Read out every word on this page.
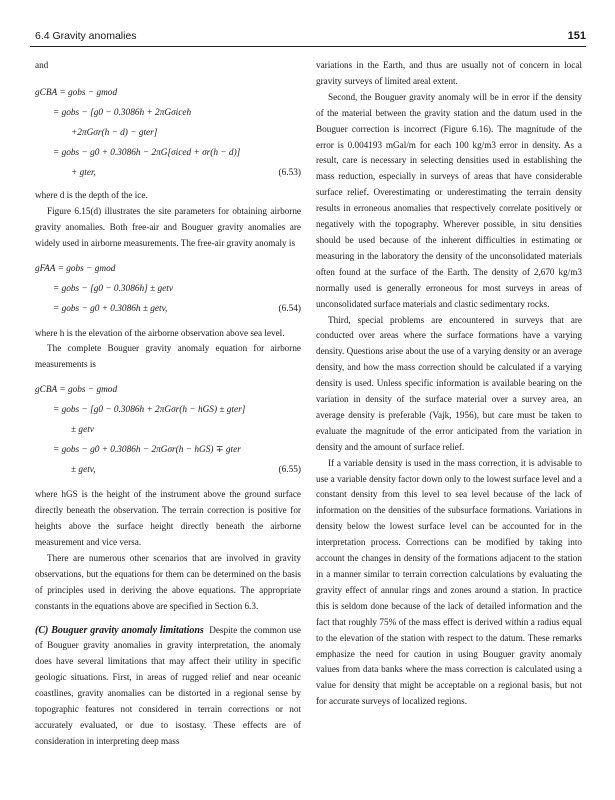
6.4 Gravity anomalies	151

and

gCBA = gobs − gmod
= gobs − [g0 − 0.3086h + 2πGσiceh
+2πGσr(h − d) − gter]
= gobs − g0 + 0.3086h − 2πG[σiced + σr(h − d)]
+ gter,	(6.53)

where d is the depth of the ice.

Figure 6.15(d) illustrates the site parameters for obtaining airborne gravity anomalies. Both free-air and Bouguer gravity anomalies are widely used in airborne measurements. The free-air gravity anomaly is

gFAA = gobs − gmod
= gobs − [g0 − 0.3086h] ± getv
= gobs − g0 + 0.3086h ± getv,	(6.54)

where h is the elevation of the airborne observation above sea level.

The complete Bouguer gravity anomaly equation for airborne measurements is

gCBA = gobs − gmod
= gobs − [g0 − 0.3086h + 2πGσr(h − hGS) ± gter]
± getv
= gobs − g0 + 0.3086h − 2πGσr(h − hGS) ∓ gter
± getv,	(6.55)

where hGS is the height of the instrument above the ground surface directly beneath the observation. The terrain correction is positive for heights above the surface height directly beneath the airborne measurement and vice versa.

There are numerous other scenarios that are involved in gravity observations, but the equations for them can be determined on the basis of principles used in deriving the above equations. The appropriate constants in the equations above are specified in Section 6.3.

(C) Bouguer gravity anomaly limitations Despite the common use of Bouguer gravity anomalies in gravity interpretation, the anomaly does have several limitations that may affect their utility in specific geologic situations. First, in areas of rugged relief and near oceanic coastlines, gravity anomalies can be distorted in a regional sense by topographic features not considered in terrain corrections or not accurately evaluated, or due to isostasy. These effects are of consideration in interpreting deep mass

variations in the Earth, and thus are usually not of concern in local gravity surveys of limited areal extent.

Second, the Bouguer gravity anomaly will be in error if the density of the material between the gravity station and the datum used in the Bouguer correction is incorrect (Figure 6.16). The magnitude of the error is 0.004193 mGal/m for each 100 kg/m3 error in density. As a result, care is necessary in selecting densities used in establishing the mass reduction, especially in surveys of areas that have considerable surface relief. Overestimating or underestimating the terrain density results in erroneous anomalies that respectively correlate positively or negatively with the topography. Wherever possible, in situ densities should be used because of the inherent difficulties in estimating or measuring in the laboratory the density of the unconsolidated materials often found at the surface of the Earth. The density of 2,670 kg/m3 normally used is generally erroneous for most surveys in areas of unconsolidated surface materials and clastic sedimentary rocks.

Third, special problems are encountered in surveys that are conducted over areas where the surface formations have a varying density. Questions arise about the use of a varying density or an average density, and how the mass correction should be calculated if a varying density is used. Unless specific information is available bearing on the variation in density of the surface material over a survey area, an average density is preferable (Vajk, 1956), but care must be taken to evaluate the magnitude of the error anticipated from the variation in density and the amount of surface relief.

If a variable density is used in the mass correction, it is advisable to use a variable density factor down only to the lowest surface level and a constant density from this level to sea level because of the lack of information on the densities of the subsurface formations. Variations in density below the lowest surface level can be accounted for in the interpretation process. Corrections can be modified by taking into account the changes in density of the formations adjacent to the station in a manner similar to terrain correction calculations by evaluating the gravity effect of annular rings and zones around a station. In practice this is seldom done because of the lack of detailed information and the fact that roughly 75% of the mass effect is derived within a radius equal to the elevation of the station with respect to the datum. These remarks emphasize the need for caution in using Bouguer gravity anomaly values from data banks where the mass correction is calculated using a value for density that might be acceptable on a regional basis, but not for accurate surveys of localized regions.
